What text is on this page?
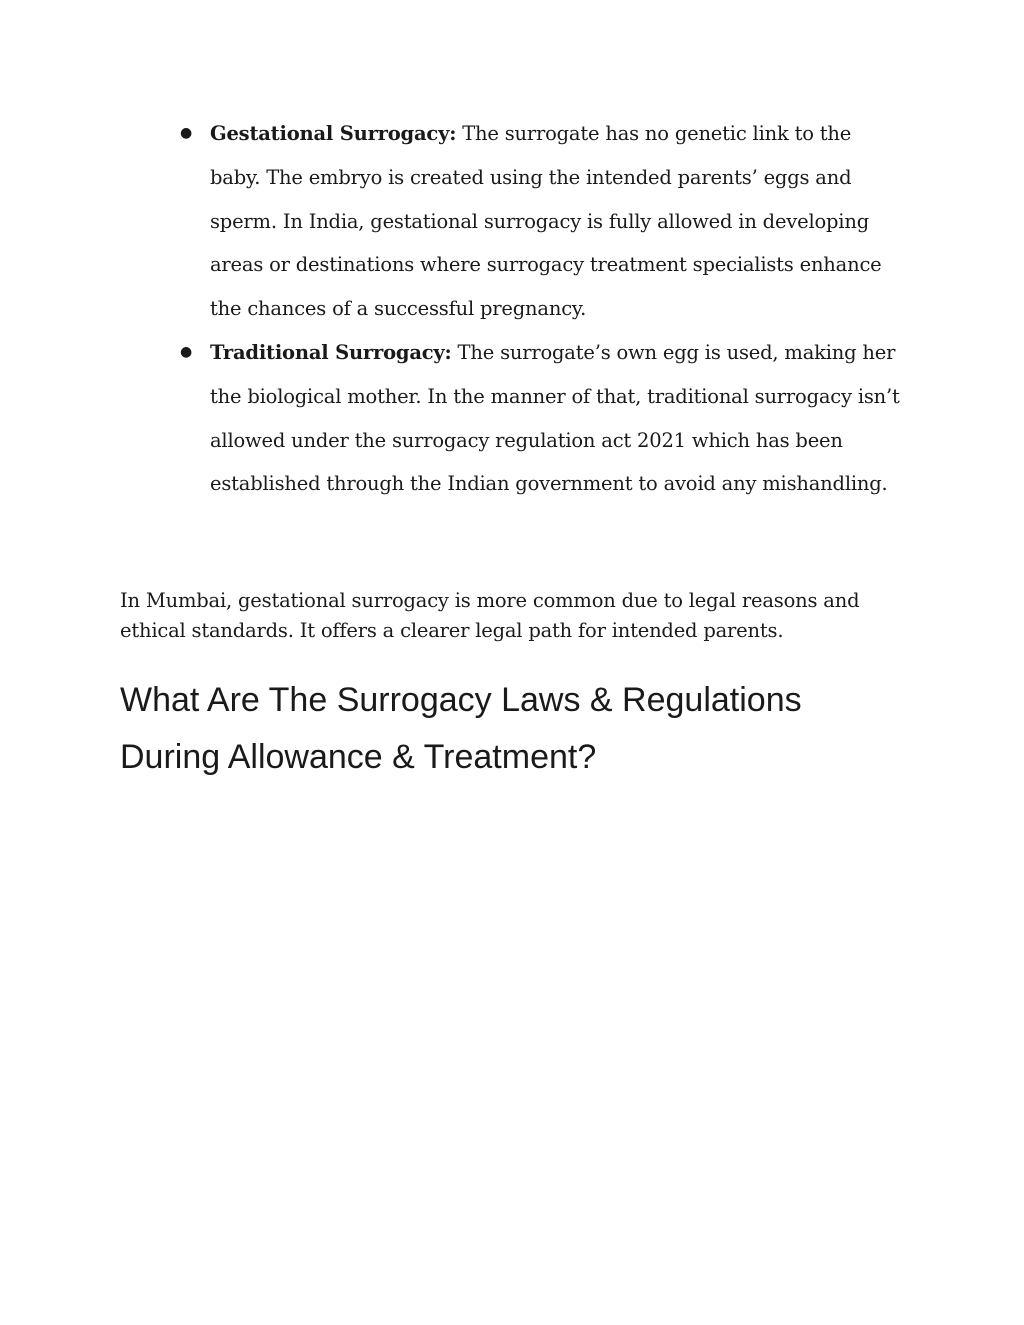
● Gestational Surrogacy: The surrogate has no genetic link to the baby. The embryo is created using the intended parents’ eggs and sperm. In India, gestational surrogacy is fully allowed in developing areas or destinations where surrogacy treatment specialists enhance the chances of a successful pregnancy.
● Traditional Surrogacy: The surrogate’s own egg is used, making her the biological mother. In the manner of that, traditional surrogacy isn’t allowed under the surrogacy regulation act 2021 which has been established through the Indian government to avoid any mishandling.

In Mumbai, gestational surrogacy is more common due to legal reasons and ethical standards. It offers a clearer legal path for intended parents.

What Are The Surrogacy Laws & Regulations During Allowance & Treatment?
